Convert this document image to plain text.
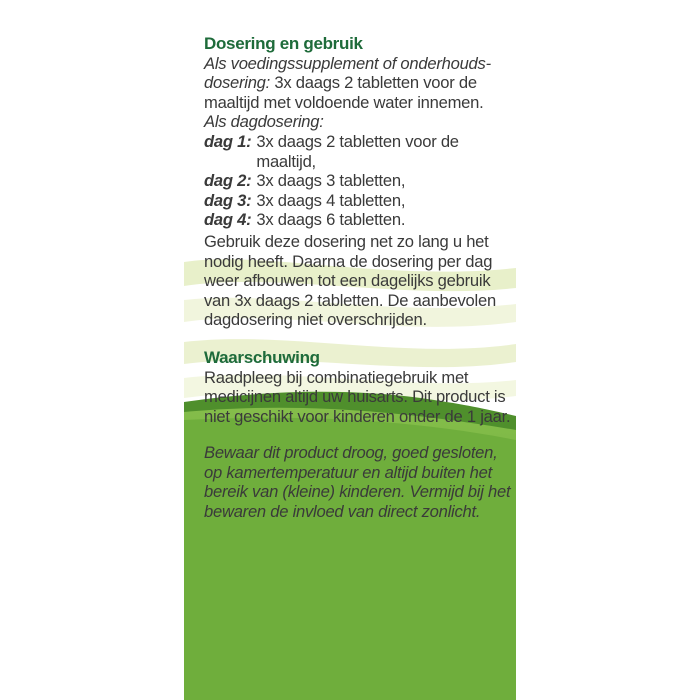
Dosering en gebruik

Als voedingssupplement of onderhouds-dosering: 3x daags 2 tabletten voor de maaltijd met voldoende water innemen.

Als dagdosering:

dag 1: 3x daags 2 tabletten voor de maaltijd,
dag 2: 3x daags 3 tabletten,
dag 3: 3x daags 4 tabletten,
dag 4: 3x daags 6 tabletten.

Gebruik deze dosering net zo lang u het nodig heeft. Daarna de dosering per dag weer afbouwen tot een dagelijks gebruik van 3x daags 2 tabletten. De aanbevolen dagdosering niet overschrijden.

Waarschuwing

Raadpleeg bij combinatiegebruik met medicijnen altijd uw huisarts. Dit product is niet geschikt voor kinderen onder de 1 jaar.

Bewaar dit product droog, goed gesloten, op kamertemperatuur en altijd buiten het bereik van (kleine) kinderen. Vermijd bij het bewaren de invloed van direct zonlicht.
